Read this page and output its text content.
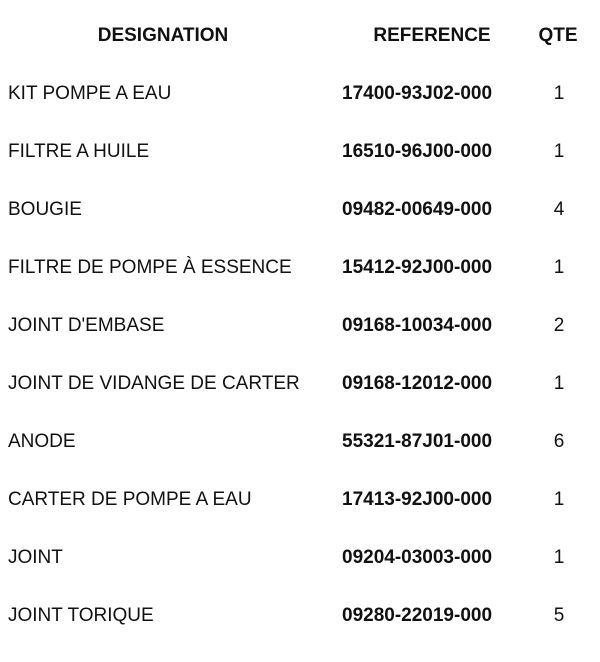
DESIGNATION	REFERENCE	QTE
KIT POMPE A EAU	17400-93J02-000	1
FILTRE A HUILE	16510-96J00-000	1
BOUGIE	09482-00649-000	4
FILTRE DE POMPE À ESSENCE	15412-92J00-000	1
JOINT D'EMBASE	09168-10034-000	2
JOINT DE VIDANGE DE CARTER	09168-12012-000	1
ANODE	55321-87J01-000	6
CARTER DE POMPE A EAU	17413-92J00-000	1
JOINT	09204-03003-000	1
JOINT TORIQUE	09280-22019-000	5
